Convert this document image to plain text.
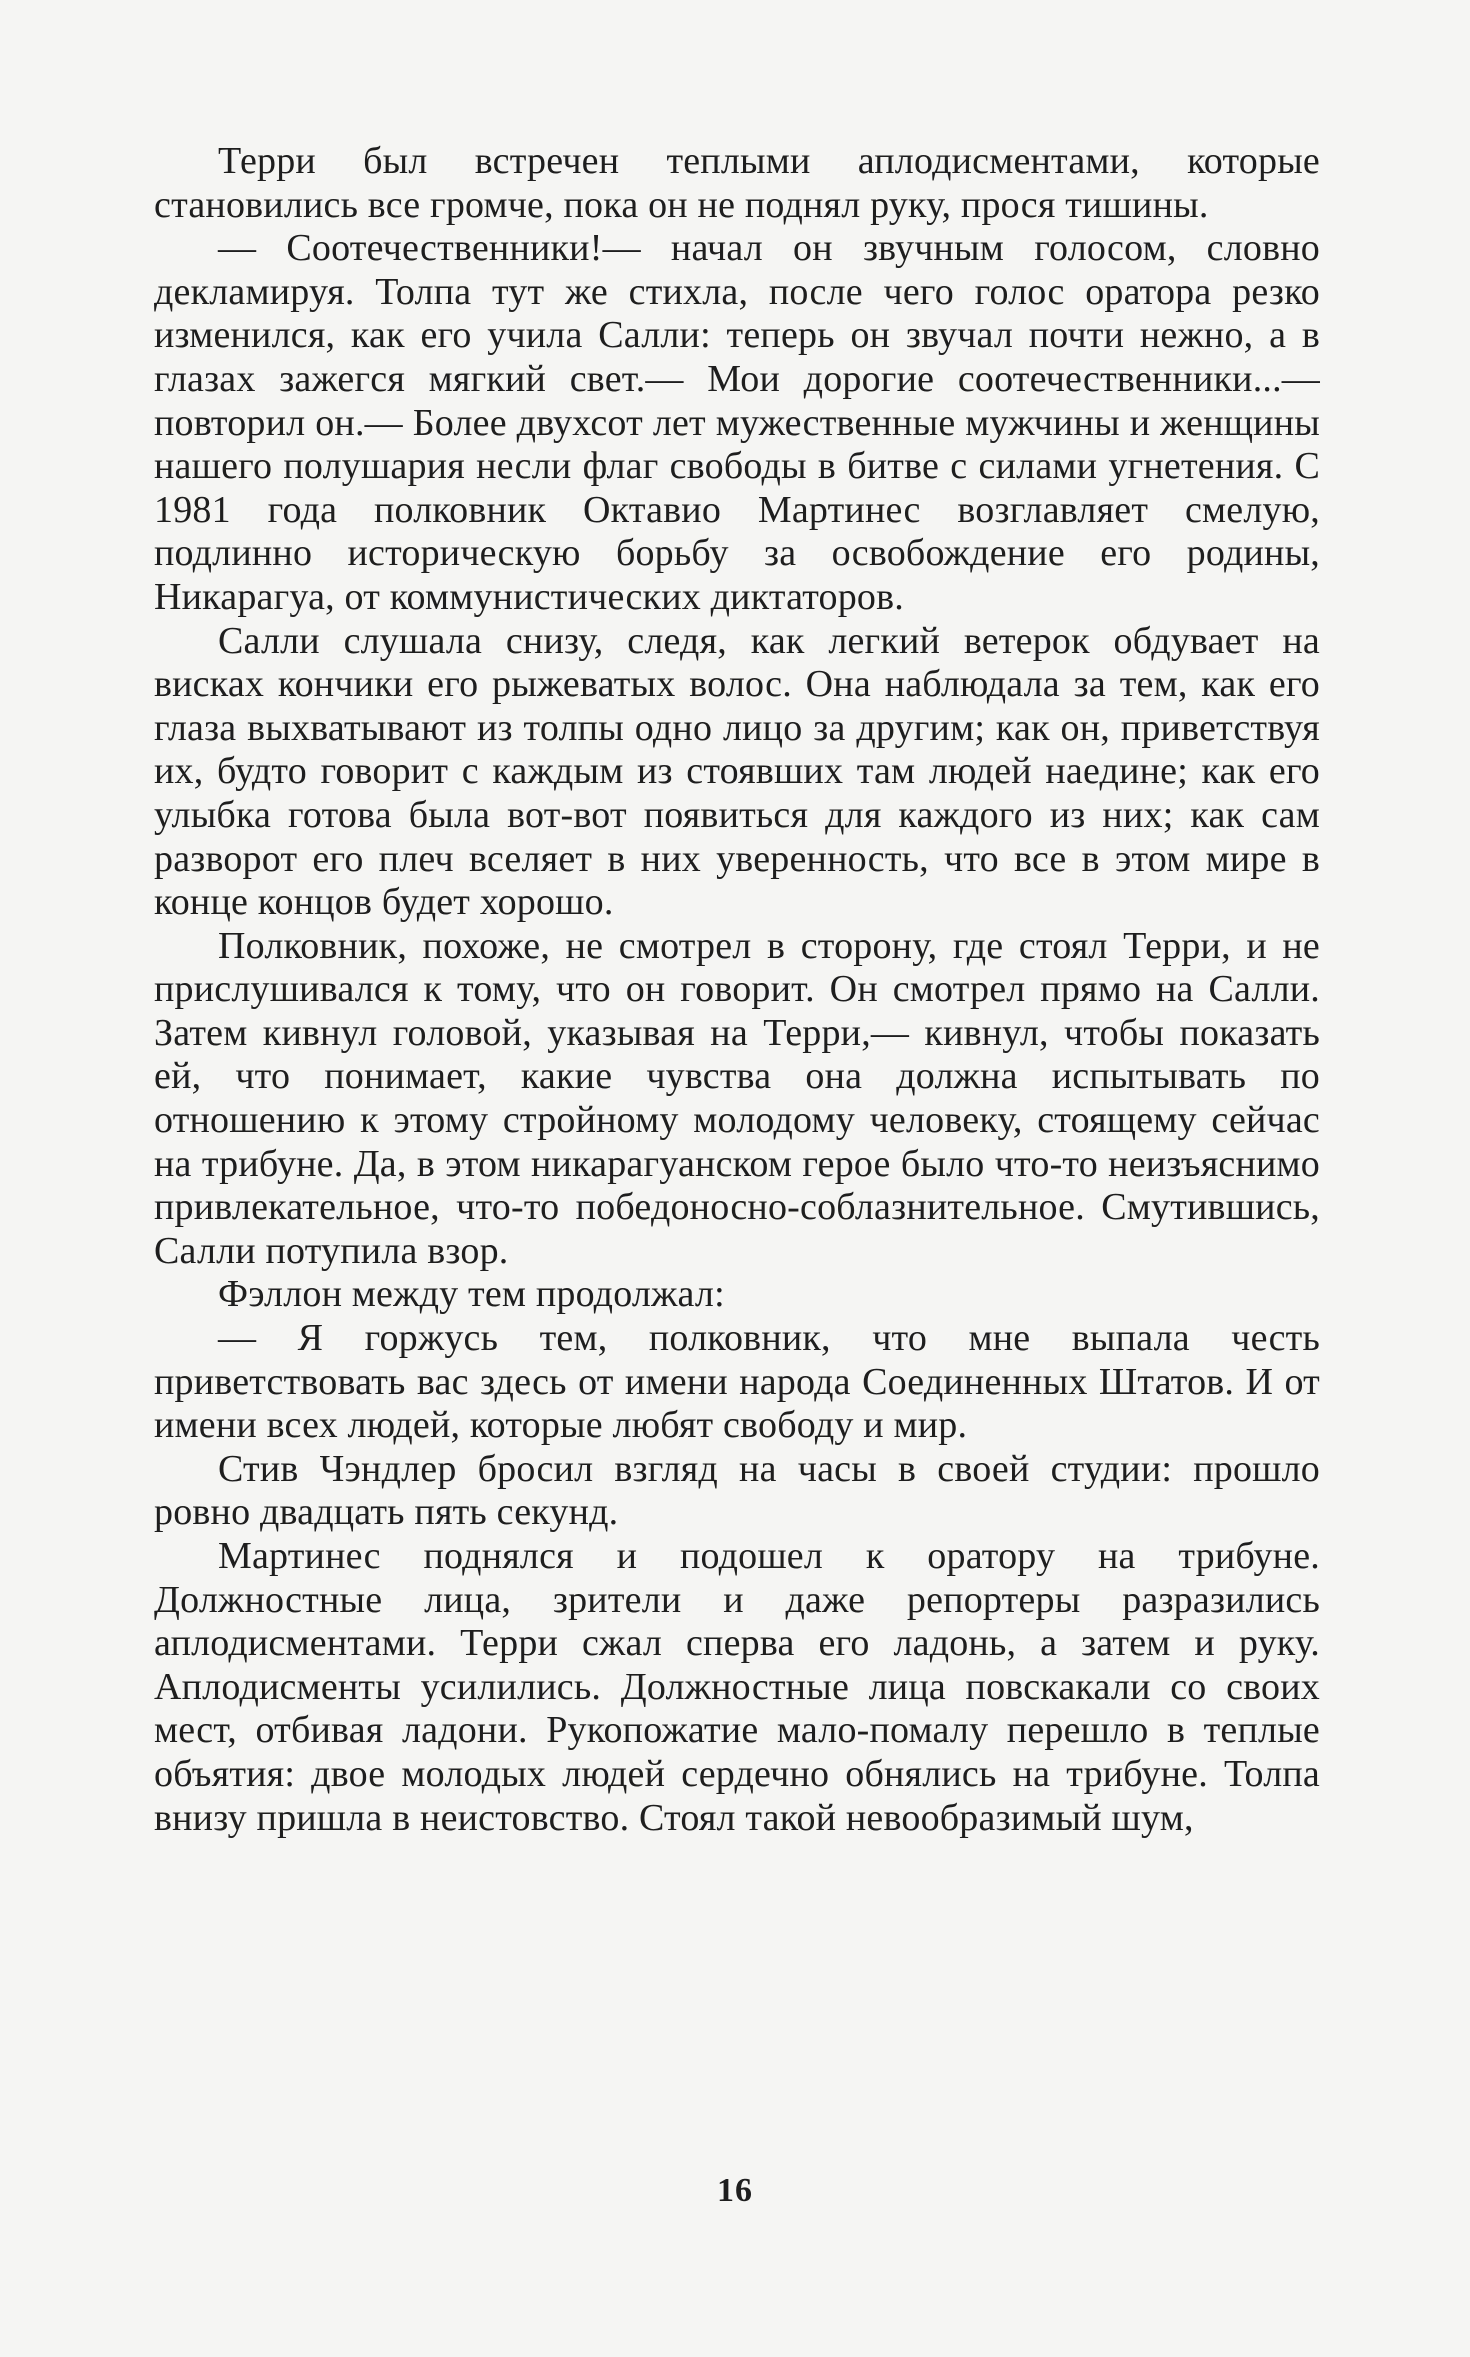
Терри был встречен теплыми аплодисментами, которые становились все громче, пока он не поднял руку, прося тишины.

— Соотечественники!— начал он звучным голосом, словно декламируя. Толпа тут же стихла, после чего голос оратора резко изменился, как его учила Салли: теперь он звучал почти нежно, а в глазах зажегся мягкий свет.— Мои дорогие соотечественники...— повторил он.— Более двухсот лет мужественные мужчины и женщины нашего полушария несли флаг свободы в битве с силами угнетения. С 1981 года полковник Октавио Мартинес возглавляет смелую, подлинно историческую борьбу за освобождение его родины, Никарагуа, от коммунистических диктаторов.

Салли слушала снизу, следя, как легкий ветерок обдувает на висках кончики его рыжеватых волос. Она наблюдала за тем, как его глаза выхватывают из толпы одно лицо за другим; как он, приветствуя их, будто говорит с каждым из стоявших там людей наедине; как его улыбка готова была вот-вот появиться для каждого из них; как сам разворот его плеч вселяет в них уверенность, что все в этом мире в конце концов будет хорошо.

Полковник, похоже, не смотрел в сторону, где стоял Терри, и не прислушивался к тому, что он говорит. Он смотрел прямо на Салли. Затем кивнул головой, указывая на Терри,— кивнул, чтобы показать ей, что понимает, какие чувства она должна испытывать по отношению к этому стройному молодому человеку, стоящему сейчас на трибуне. Да, в этом никарагуанском герое было что-то неизъяснимо привлекательное, что-то победоносно-соблазнительное. Смутившись, Салли потупила взор.

Фэллон между тем продолжал:

— Я горжусь тем, полковник, что мне выпала честь приветствовать вас здесь от имени народа Соединенных Штатов. И от имени всех людей, которые любят свободу и мир.

Стив Чэндлер бросил взгляд на часы в своей студии: прошло ровно двадцать пять секунд.

Мартинес поднялся и подошел к оратору на трибуне. Должностные лица, зрители и даже репортеры разразились аплодисментами. Терри сжал сперва его ладонь, а затем и руку. Аплодисменты усилились. Должностные лица повскакали со своих мест, отбивая ладони. Рукопожатие мало-помалу перешло в теплые объятия: двое молодых людей сердечно обнялись на трибуне. Толпа внизу пришла в неистовство. Стоял такой невообразимый шум,

16
